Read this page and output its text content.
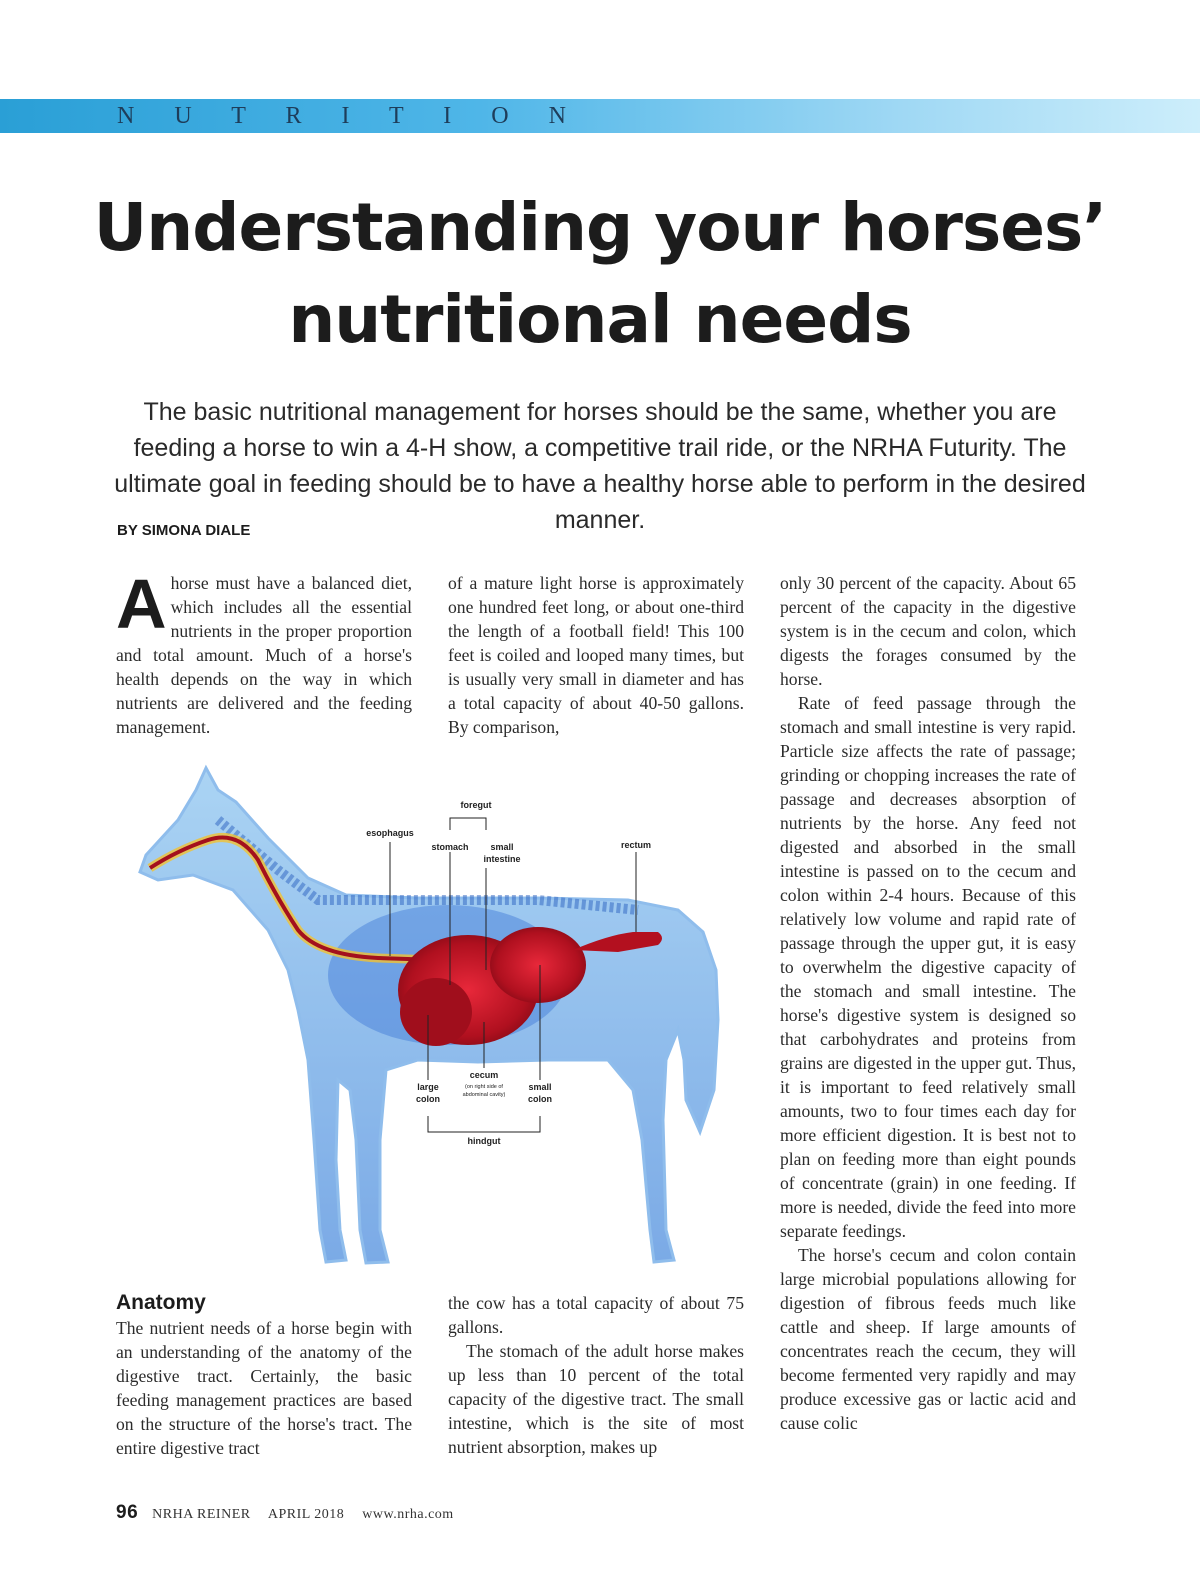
N U T R I T I O N
Understanding your horses’
nutritional needs
The basic nutritional management for horses should be the same, whether you are feeding a horse to win a 4-H show, a competitive trail ride, or the NRHA Futurity. The ultimate goal in feeding should be to have a healthy horse able to perform in the desired manner.
BY SIMONA DIALE

Ahorse must have a balanced diet, which includes all the essential nutrients in the proper proportion and total amount. Much of a horse's health depends on the way in which nutrients are delivered and the feeding management.

of a mature light horse is approximately one hundred feet long, or about one-third the length of a football field! This 100 feet is coiled and looped many times, but is usually very small in diameter and has a total capacity of about 40-50 gallons. By comparison,

only 30 percent of the capacity. About 65 percent of the capacity in the digestive system is in the cecum and colon, which digests the forages consumed by the horse.

Rate of feed passage through the stomach and small intestine is very rapid. Particle size affects the rate of passage; grinding or chopping increases the rate of passage and decreases absorption of nutrients by the horse. Any feed not digested and absorbed in the small intestine is passed on to the cecum and colon within 2-4 hours. Because of this relatively low volume and rapid rate of passage through the upper gut, it is easy to overwhelm the digestive capacity of the stomach and small intestine. The horse's digestive system is designed so that carbohydrates and proteins from grains are digested in the upper gut. Thus, it is important to feed relatively small amounts, two to four times each day for more efficient digestion. It is best not to plan on feeding more than eight pounds of concentrate (grain) in one feeding. If more is needed, divide the feed into more separate feedings.

The horse's cecum and colon contain large microbial populations allowing for digestion of fibrous feeds much like cattle and sheep. If large amounts of concentrates reach the cecum, they will become fermented very rapidly and may produce excessive gas or lactic acid and cause colic

foregut
esophagus
stomach small
intestine
rectum
large
colon
cecum
(on right side of
abdominal cavity)
small
colon
hindgut

Anatomy

The nutrient needs of a horse begin with an understanding of the anatomy of the digestive tract. Certainly, the basic feeding management practices are based on the structure of the horse's tract. The entire digestive tract

the cow has a total capacity of about 75 gallons.

The stomach of the adult horse makes up less than 10 percent of the total capacity of the digestive tract. The small intestine, which is the site of most nutrient absorption, makes up

96 NRHA REINER APRIL 2018 www.nrha.com
